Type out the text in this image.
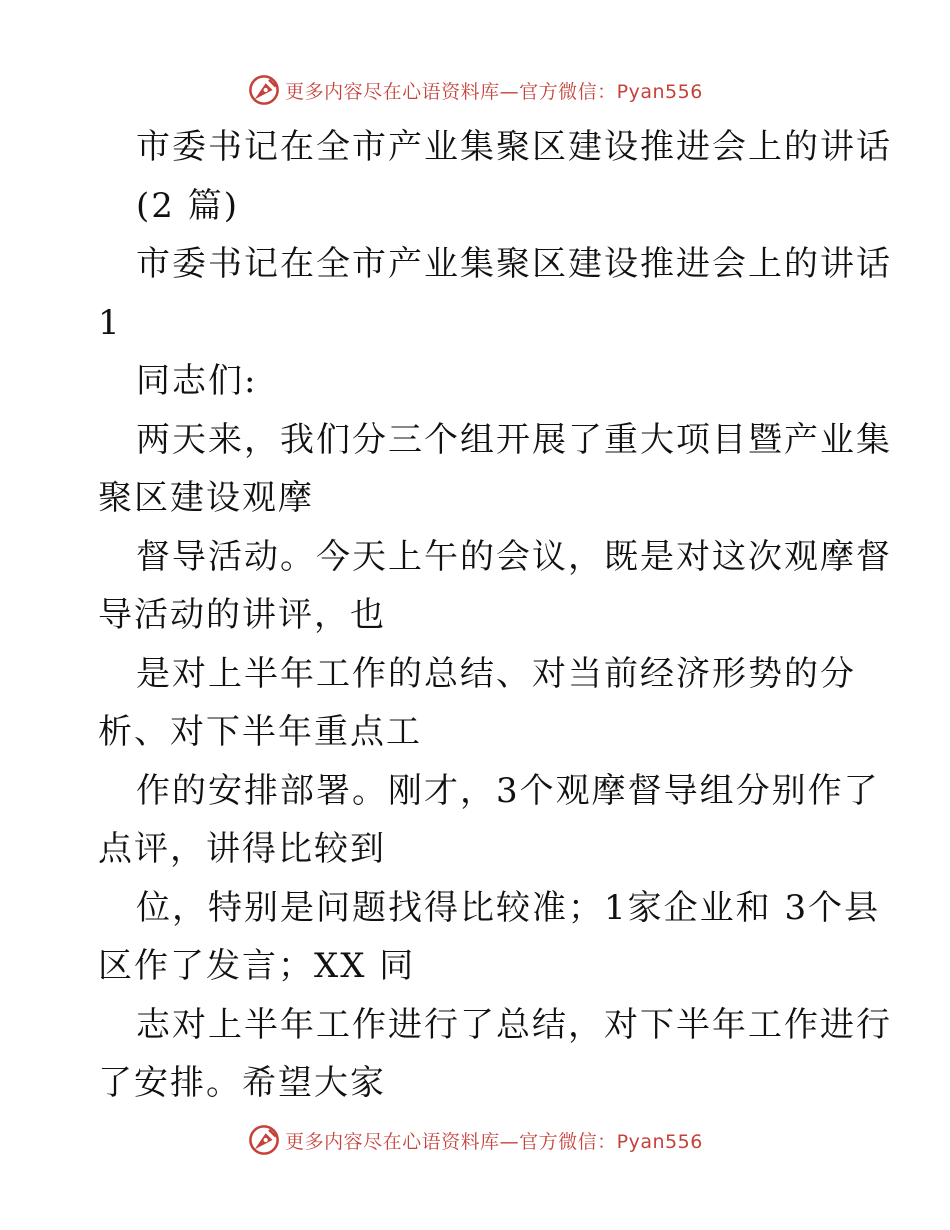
更多内容尽在心语资料库—官方微信：Pyan556
市委书记在全市产业集聚区建设推进会上的讲话
(2 篇)
市委书记在全市产业集聚区建设推进会上的讲话
1
同志们:
两天来，我们分三个组开展了重大项目暨产业集
聚区建设观摩
督导活动。今天上午的会议，既是对这次观摩督
导活动的讲评，也
是对上半年工作的总结、对当前经济形势的分
析、对下半年重点工
作的安排部署。刚才，3个观摩督导组分别作了
点评，讲得比较到
位，特别是问题找得比较准；1家企业和 3个县
区作了发言；XX 同
志对上半年工作进行了总结，对下半年工作进行
了安排。希望大家
更多内容尽在心语资料库—官方微信：Pyan556
